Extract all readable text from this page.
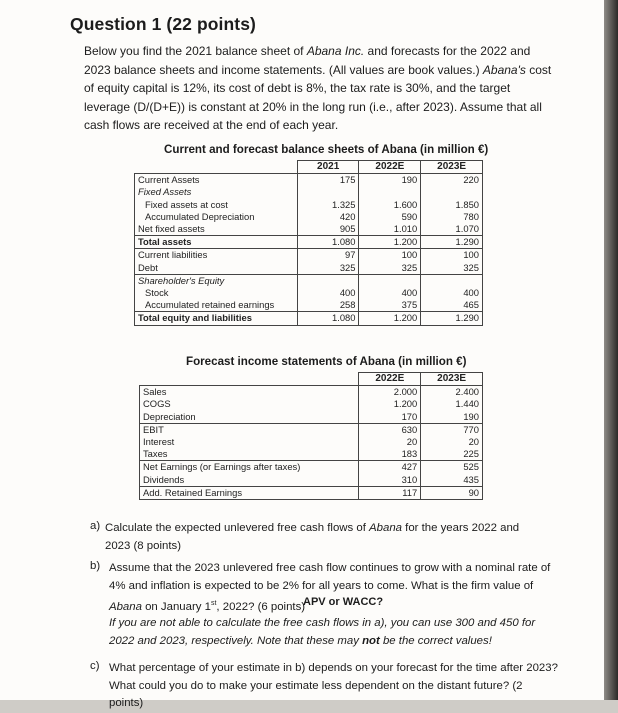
Question 1 (22 points)

Below you find the 2021 balance sheet of Abana Inc. and forecasts for the 2022 and 2023 balance sheets and income statements. (All values are book values.) Abana's cost of equity capital is 12%, its cost of debt is 8%, the tax rate is 30%, and the target leverage (D/(D+E)) is constant at 20% in the long run (i.e., after 2023). Assume that all cash flows are received at the end of each year.

Current and forecast balance sheets of Abana (in million €)
	2021	2022E	2023E
Current Assets	175	190	220
Fixed Assets			
Fixed assets at cost	1.325	1.600	1.850
Accumulated Depreciation	420	590	780
Net fixed assets	905	1.010	1.070
Total assets	1.080	1.200	1.290
Current liabilities	97	100	100
Debt	325	325	325
Shareholder's Equity			
Stock	400	400	400
Accumulated retained earnings	258	375	465
Total equity and liabilities	1.080	1.200	1.290
Forecast income statements of Abana (in million €)
	2022E	2023E
Sales	2.000	2.400
COGS	1.200	1.440
Depreciation	170	190
EBIT	630	770
Interest	20	20
Taxes	183	225
Net Earnings (or Earnings after taxes)	427	525
Dividends	310	435
Add. Retained Earnings	117	90
a) Calculate the expected unlevered free cash flows of Abana for the years 2022 and 2023 (8 points)

b) Assume that the 2023 unlevered free cash flow continues to grow with a nominal rate of 4% and inflation is expected to be 2% for all years to come. What is the firm value of Abana on January 1st, 2022? (6 points)

APV or WACC?

If you are not able to calculate the free cash flows in a), you can use 300 and 450 for 2022 and 2023, respectively. Note that these may not be the correct values!

c) What percentage of your estimate in b) depends on your forecast for the time after 2023? What could you do to make your estimate less dependent on the distant future? (2 points)
